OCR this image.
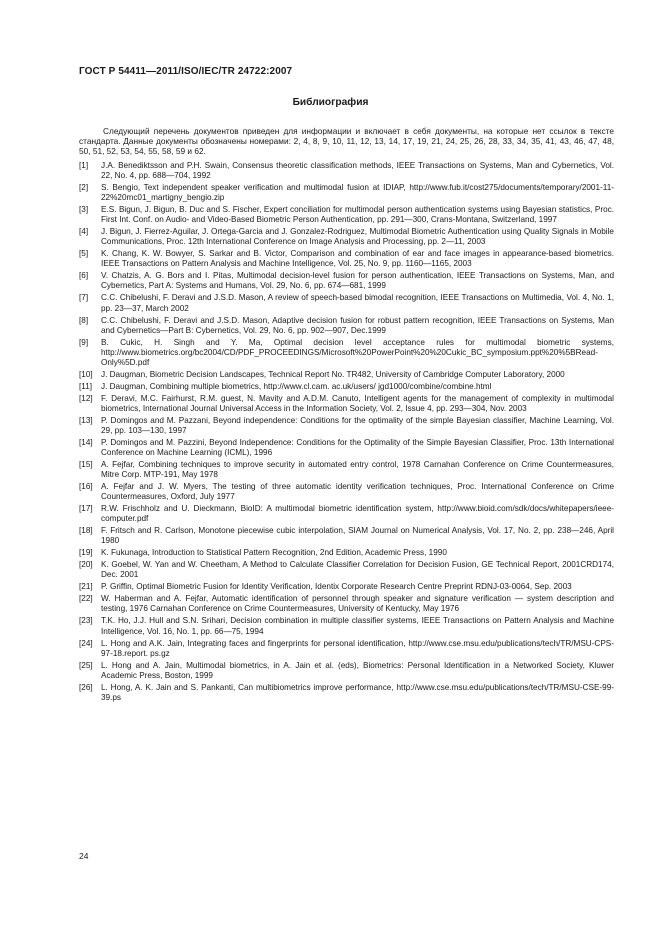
ГОСТ Р 54411—2011/ISO/IEC/TR 24722:2007
Библиография

Следующий перечень документов приведен для информации и включает в себя документы, на которые нет ссылок в тексте стандарта. Данные документы обозначены номерами: 2, 4, 8, 9, 10, 11, 12, 13, 14, 17, 19, 21, 24, 25, 26, 28, 33, 34, 35, 41, 43, 46, 47, 48, 50, 51, 52, 53, 54, 55, 58, 59 и 62.

[1]	J.A. Benediktsson and P.H. Swain, Consensus theoretic classification methods, IEEE Transactions on Systems, Man and Cybernetics, Vol. 22, No. 4, pp. 688—704, 1992
[2]	S. Bengio, Text independent speaker verification and multimodal fusion at IDIAP, http://www.fub.it/cost275/documents/temporary/2001-11-22%20mc01_martigny_bengio.zip
[3]	E.S. Bigun, J. Bigun, B. Duc and S. Fischer, Expert conciliation for multimodal person authentication systems using Bayesian statistics, Proc. First Int. Conf. on Audio- and Video-Based Biometric Person Authentication, pp. 291—300, Crans-Montana, Switzerland, 1997
[4]	J. Bigun, J. Fierrez-Aguilar, J. Ortega-Garcia and J. Gonzalez-Rodriguez, Multimodal Biometric Authentication using Quality Signals in Mobile Communications, Proc. 12th International Conference on Image Analysis and Processing, pp. 2—11, 2003
[5]	K. Chang, K. W. Bowyer, S. Sarkar and B. Victor, Comparison and combination of ear and face images in appearance-based biometrics. IEEE Transactions on Pattern Analysis and Machine Intelligence, Vol. 25, No. 9, pp. 1160—1165, 2003
[6]	V. Chatzis, A. G. Bors and I. Pitas, Multimodal decision-level fusion for person authentication, IEEE Transactions on Systems, Man, and Cybernetics, Part A: Systems and Humans, Vol. 29, No. 6, pp. 674—681, 1999
[7]	C.C. Chibelushi, F. Deravi and J.S.D. Mason, A review of speech-based bimodal recognition, IEEE Transactions on Multimedia, Vol. 4, No. 1, pp. 23—37, March 2002
[8]	C.C. Chibelushi, F. Deravi and J.S.D. Mason, Adaptive decision fusion for robust pattern recognition, IEEE Transactions on Systems, Man and Cybernetics—Part B: Cybernetics, Vol. 29, No. 6, pp. 902—907, Dec.1999
[9]	B. Cukic, H. Singh and Y. Ma, Optimal decision level acceptance rules for multimodal biometric systems, http://www.biometrics.org/bc2004/CD/PDF_PROCEEDINGS/Microsoft%20PowerPoint%20%20Cukic_BC_symposium.ppt%20%5BRead-Only%5D.pdf
[10]	J. Daugman, Biometric Decision Landscapes, Technical Report No. TR482, University of Cambridge Computer Laboratory, 2000
[11]	J. Daugman, Combining multiple biometrics, http://www.cl.cam. ac.uk/users/ jgd1000/combine/combine.html
[12]	F. Deravi, M.C. Fairhurst, R.M. guest, N. Mavity and A.D.M. Canuto, Intelligent agents for the management of complexity in multimodal biometrics, International Journal Universal Access in the Information Society, Vol. 2, Issue 4, pp. 293—304, Nov. 2003
[13]	P. Domingos and M. Pazzani, Beyond independence: Conditions for the optimality of the simple Bayesian classifier, Machine Learning, Vol. 29, pp. 103—130, 1997
[14]	P. Domingos and M. Pazzini, Beyond Independence: Conditions for the Optimality of the Simple Bayesian Classifier, Proc. 13th International Conference on Machine Learning (ICML), 1996
[15]	A. Fejfar, Combining techniques to improve security in automated entry control, 1978 Carnahan Conference on Crime Countermeasures, Mitre Corp. MTP-191, May 1978
[16]	A. Fejfar and J. W. Myers, The testing of three automatic identity verification techniques, Proc. International Conference on Crime Countermeasures, Oxford, July 1977
[17]	R.W. Frischholz and U. Dieckmann, BioID: A multimodal biometric identification system, http://www.bioid.com/sdk/docs/whitepapers/ieee-computer.pdf
[18]	F. Fritsch and R. Carlson, Monotone piecewise cubic interpolation, SIAM Journal on Numerical Analysis, Vol. 17, No. 2, pp. 238—246, April 1980
[19]	K. Fukunaga, Introduction to Statistical Pattern Recognition, 2nd Edition, Academic Press, 1990
[20]	K. Goebel, W. Yan and W. Cheetham, A Method to Calculate Classifier Correlation for Decision Fusion, GE Technical Report, 2001CRD174, Dec. 2001
[21]	P. Griffin, Optimal Biometric Fusion for Identity Verification, Identix Corporate Research Centre Preprint RDNJ-03-0064, Sep. 2003
[22]	W. Haberman and A. Fejfar, Automatic identification of personnel through speaker and signature verification — system description and testing, 1976 Carnahan Conference on Crime Countermeasures, University of Kentucky, May 1976
[23]	T.K. Ho, J.J. Hull and S.N. Srihari, Decision combination in multiple classifier systems, IEEE Transactions on Pattern Analysis and Machine Intelligence, Vol. 16, No. 1, pp. 66—75, 1994
[24]	L. Hong and A.K. Jain, Integrating faces and fingerprints for personal identification, http://www.cse.msu.edu/publications/tech/TR/MSU-CPS-97-18.report. ps.gz
[25]	L. Hong and A. Jain, Multimodal biometrics, in A. Jain et al. (eds), Biometrics: Personal Identification in a Networked Society, Kluwer Academic Press, Boston, 1999
[26]	L. Hong, A. K. Jain and S. Pankanti, Can multibiometrics improve performance, http://www.cse.msu.edu/publications/tech/TR/MSU-CSE-99-39.ps
24
